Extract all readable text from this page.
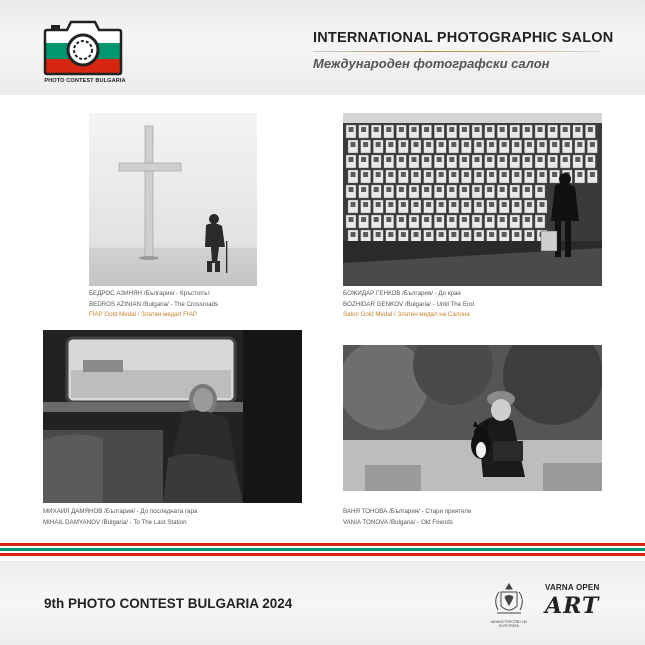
PHOTO CONTEST BULGARIA
INTERNATIONAL PHOTOGRAPHIC SALON
Международен фотографски салон
БЕДРОС АЗИНЯН /България/ - Кръстопът
BEDROS AZINIAN /Bulgaria/ - The Crossroads
FIAP Gold Medal / Златен медал FIAP
БОЖИДАР ГЕНКОВ /България/ - До края
BOZHIDAR GENKOV /Bulgaria/ - Until The End
Salon Gold Medal / Златен медал на Салона
МИХАИЛ ДАМЯНОВ /България/ - До последната гара
MIHAIL DAMYANOV /Bulgaria/ - To The Last Station
ВАНЯ ТОНОВА /България/ - Стари приятели
VANIA TONOVA /Bulgaria/ - Old Friends
9th PHOTO CONTEST BULGARIA 2024
МИНИСТЕРСТВО НА КУЛТУРАТА
VARNA OPEN
ART
